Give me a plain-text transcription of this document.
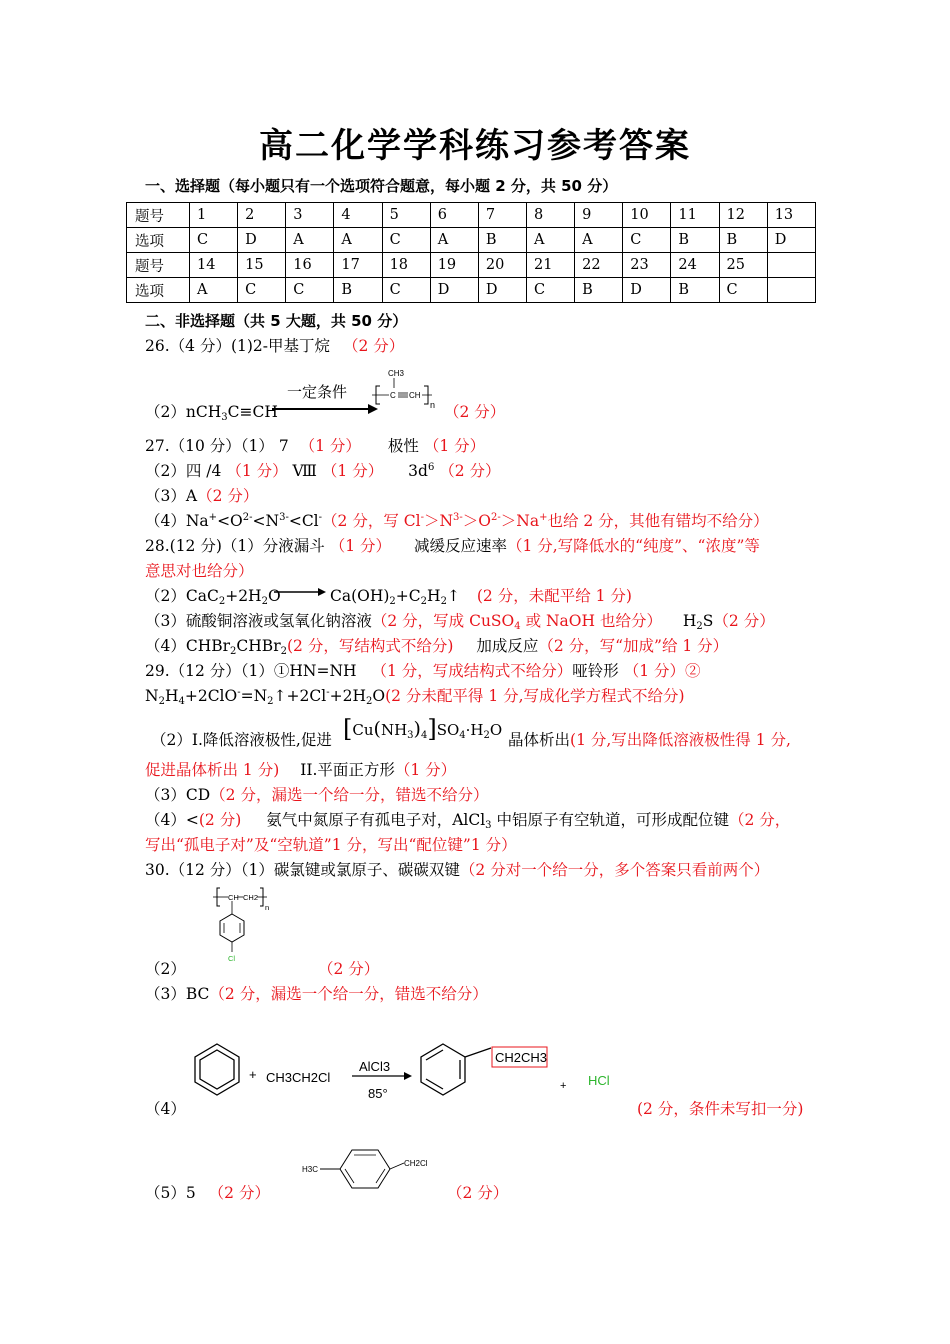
高二化学学科练习参考答案
一、选择题（每小题只有一个选项符合题意，每小题 2 分，共 50 分）
题号	1	2	3	4	5	6	7	8	9	10	11	12	13
选项	C	D	A	A	C	A	B	A	A	C	B	B	D
题号	14	15	16	17	18	19	20	21	22	23	24	25	
选项	A	C	C	B	C	D	D	C	B	D	B	C	
二、非选择题（共 5 大题，共 50 分）
26.（4 分）(1)2-甲基丁烷 （2 分）
（2）nCH$_3$C≡CH
一定条件
CH3
C CH
n （2 分）
27.（10 分）（1） 7 （1 分） 极性 （1 分）
（2）四 /4 （1 分） Ⅷ （1 分） $3d^6$ （2 分）
（3）A（2 分）
$(4)Na^+<O^{2-}<N^{3-}<Cl^-(2$ 分，写 $Cl^->N^{3-}>O^{2-}>Na^+$也给 2 分，其他有错均不给分）
28.(12 分)（1）分液漏斗 （1 分） 减缓反应速率（1 分,写降低水的“纯度”、“浓度”等
意思对也给分）
$(2)CaC_2+2H_2O$	$Ca(OH)_2+C_2H_2↑$ (2 分，未配平给 1 分)
（3）硫酸铜溶液或氢氧化钠溶液（2 分，写成 CuSO$_4$ 或 NaOH 也给分） $H_2S(2$ 分）
（4）CHBr$_2$CHBr$_2$(2 分，写结构式不给分) 加成反应（2 分，写“加成”给 1 分）
29.（12 分）（1）①HN=NH （1 分，写成结构式不给分）哑铃形 （1 分）②
$N_2H_4+2ClO^-=N_2↑+2Cl^-+2H_2O(2$ 分未配平得 1 分,写成化学方程式不给分)
（2）I.降低溶液极性,促进 $[Cu(NH_3)_4]SO_4\cdot H_2O$
晶体析出(1 分,写出降低溶液极性得 1 分,
促进晶体析出 1 分) II.平面正方形（1 分）
（3）CD（2 分，漏选一个给一分，错选不给分）
（4）<(2 分) 氨气中氮原子有孤电子对，AlCl$_3$ 中铝原子有空轨道，可形成配位键（2 分，
写出“孤电子对”及“空轨道”1 分，写出“配位键”1 分）
30.（12 分）（1）碳氯键或氯原子、碳碳双键（2 分对一个给一分，多个答案只看前两个）
CH CH2
n
Cl
（2）	（2 分）
（3）BC（2 分，漏选一个给一分，错选不给分）
+ CH3CH2Cl
AlCl3
85°
CH2CH3
+ HCl
（4）	(2 分，条件未写扣一分)
H3C
CH2Cl
（5）5 （2 分）	（2 分）
